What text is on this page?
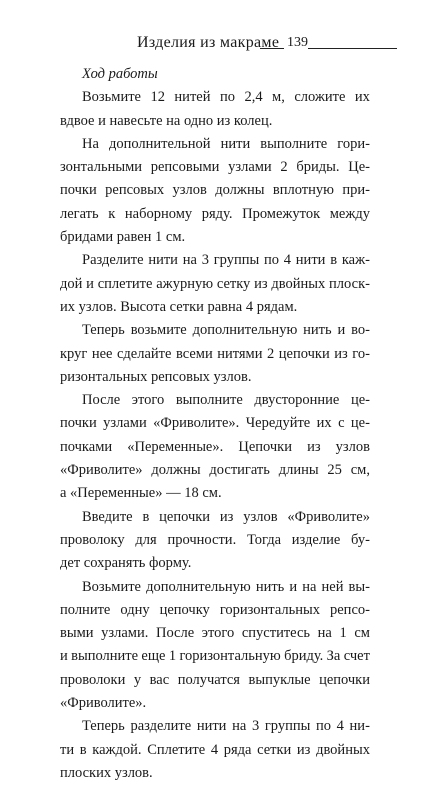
Изделия из макраме 139

Ход работы

Возьмите 12 нитей по 2,4 м, сложите их
вдвое и навесьте на одно из колец.
На дополнительной нити выполните гори-
зонтальными репсовыми узлами 2 бриды. Це-
почки репсовых узлов должны вплотную при-
легать к наборному ряду. Промежуток между
бридами равен 1 см.
Разделите нити на 3 группы по 4 нити в каж-
дой и сплетите ажурную сетку из двойных плоск-
их узлов. Высота сетки равна 4 рядам.
Теперь возьмите дополнительную нить и во-
круг нее сделайте всеми нитями 2 цепочки из го-
ризонтальных репсовых узлов.
После этого выполните двусторонние це-
почки узлами «Фриволите». Чередуйте их с це-
почками «Переменные». Цепочки из узлов
«Фриволите» должны достигать длины 25 см,
а «Переменные» — 18 см.
Введите в цепочки из узлов «Фриволите»
проволоку для прочности. Тогда изделие бу-
дет сохранять форму.
Возьмите дополнительную нить и на ней вы-
полните одну цепочку горизонтальных репсо-
выми узлами. После этого спуститесь на 1 см
и выполните еще 1 горизонтальную бриду. За счет
проволоки у вас получатся выпуклые цепочки
«Фриволите».
Теперь разделите нити на 3 группы по 4 ни-
ти в каждой. Сплетите 4 ряда сетки из двойных
плоских узлов.
